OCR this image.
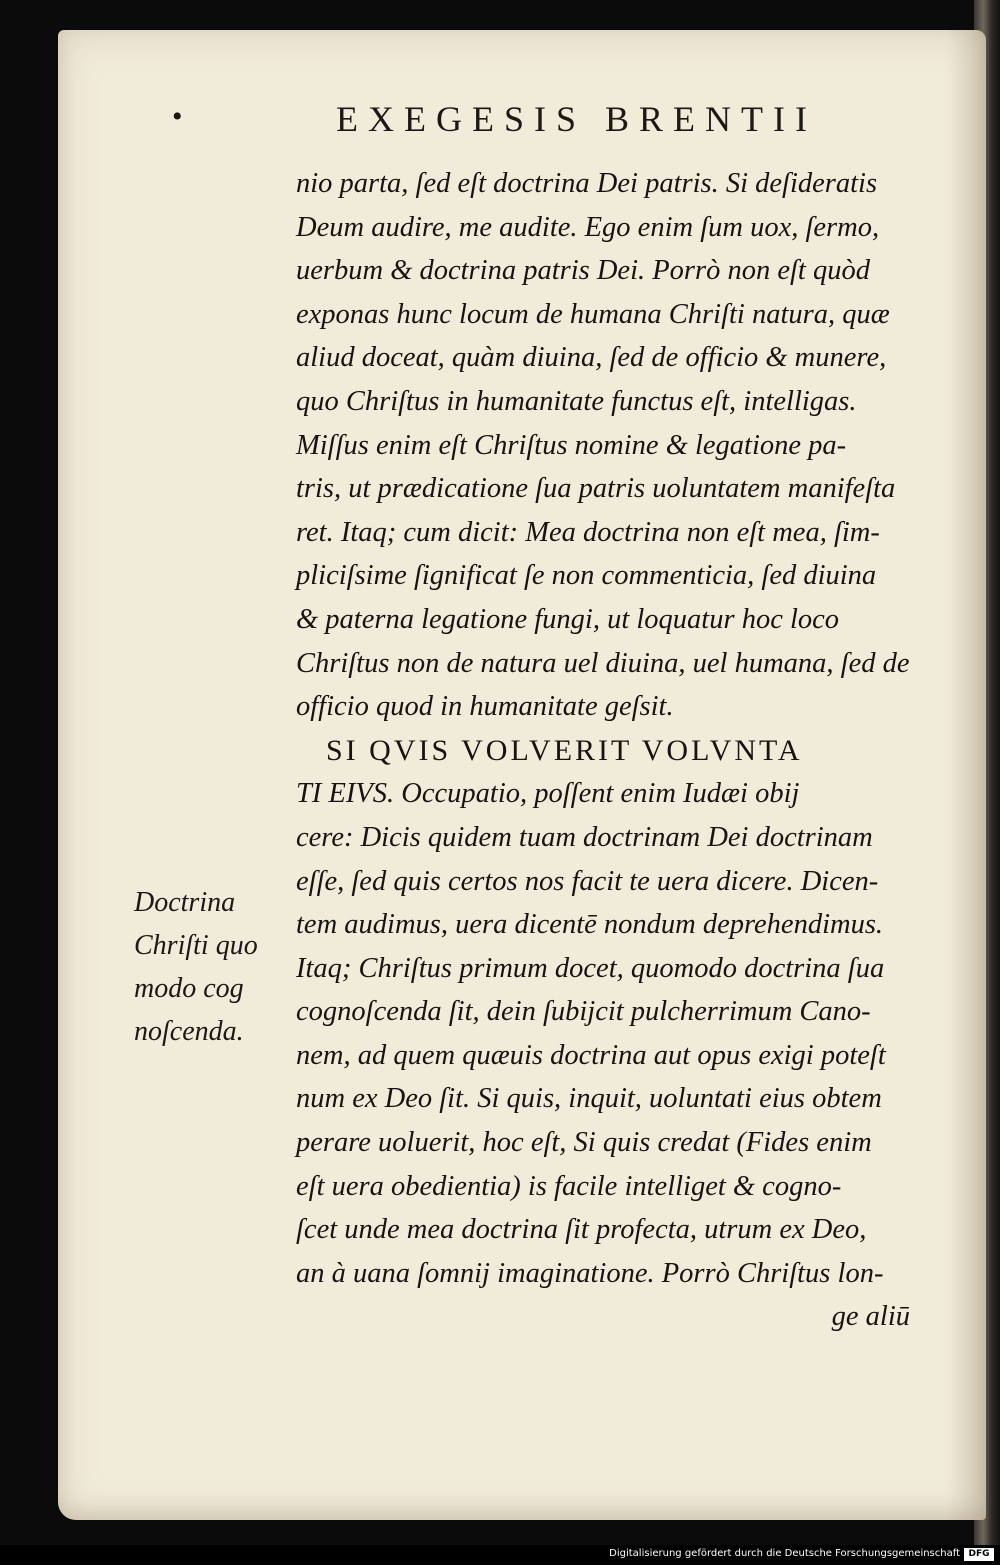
•	EXEGESIS BRENTII
nio parta, ſed eſt doctrina Dei patris. Si deſideratis
Deum audire, me audite. Ego enim ſum uox, ſermo,
uerbum & doctrina patris Dei. Porrò non eſt quòd
exponas hunc locum de humana Chriſti natura, quæ
aliud doceat, quàm diuina, ſed de officio & munere,
quo Chriſtus in humanitate functus eſt, intelligas.
Miſſus enim eſt Chriſtus nomine & legatione pa-
tris, ut prædicatione ſua patris uoluntatem manifeſta
ret. Itaq; cum dicit: Mea doctrina non eſt mea, ſim-
pliciſsime ſignificat ſe non commenticia, ſed diuina
& paterna legatione fungi, ut loquatur hoc loco
Chriſtus non de natura uel diuina, uel humana, ſed de
officio quod in humanitate geſsit.
SI QVIS VOLVERIT VOLVNTA
TI EIVS. Occupatio, poſſent enim Iudæi obij
cere: Dicis quidem tuam doctrinam Dei doctrinam
eſſe, ſed quis certos nos facit te uera dicere. Dicen-
tem audimus, uera dicentē nondum deprehendimus.
Itaq; Chriſtus primum docet, quomodo doctrina ſua
cognoſcenda ſit, dein ſubijcit pulcherrimum Cano-
nem, ad quem quæuis doctrina aut opus exigi poteſt
num ex Deo ſit. Si quis, inquit, uoluntati eius obtem
perare uoluerit, hoc eſt, Si quis credat (Fides enim
eſt uera obedientia) is facile intelliget & cogno-
ſcet unde mea doctrina ſit profecta, utrum ex Deo,
an à uana ſomnij imaginatione. Porrò Chriſtus lon-
ge aliū
Doctrina
Chriſti quo
modo cog
noſcenda.
Digitalisierung gefördert durch die Deutsche Forschungsgemeinschaft DFG
